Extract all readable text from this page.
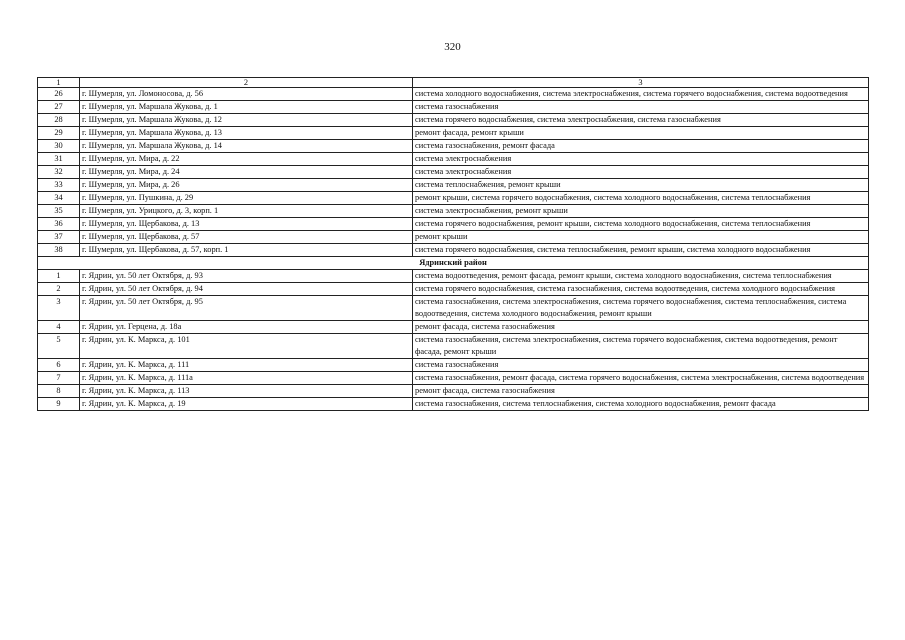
320
1	2	3
26	г. Шумерля, ул. Ломоносова, д. 56	система холодного водоснабжения, система электроснабжения, система горячего водоснабжения, система водоотведения
27	г. Шумерля, ул. Маршала Жукова, д. 1	система газоснабжения
28	г. Шумерля, ул. Маршала Жукова, д. 12	система горячего водоснабжения, система электроснабжения, система газоснабжения
29	г. Шумерля, ул. Маршала Жукова, д. 13	ремонт фасада, ремонт крыши
30	г. Шумерля, ул. Маршала Жукова, д. 14	система газоснабжения, ремонт фасада
31	г. Шумерля, ул. Мира, д. 22	система электроснабжения
32	г. Шумерля, ул. Мира, д. 24	система электроснабжения
33	г. Шумерля, ул. Мира, д. 26	система теплоснабжения, ремонт крыши
34	г. Шумерля, ул. Пушкина, д. 29	ремонт крыши, система горячего водоснабжения, система холодного водоснабжения, система теплоснабжения
35	г. Шумерля, ул. Урицкого, д. 3, корп. 1	система электроснабжения, ремонт крыши
36	г. Шумерля, ул. Щербакова, д. 13	система горячего водоснабжения, ремонт крыши, система холодного водоснабжения, система теплоснабжения
37	г. Шумерля, ул. Щербакова, д. 57	ремонт крыши
38	г. Шумерля, ул. Щербакова, д. 57, корп. 1	система горячего водоснабжения, система теплоснабжения, ремонт крыши, система холодного водоснабжения
Ядринский район		
1	г. Ядрин, ул. 50 лет Октября, д. 93	система водоотведения, ремонт фасада, ремонт крыши, система холодного водоснабжения, система теплоснабжения
2	г. Ядрин, ул. 50 лет Октября, д. 94	система горячего водоснабжения, система газоснабжения, система водоотведения, система холодного водоснабжения
3	г. Ядрин, ул. 50 лет Октября, д. 95	система газоснабжения, система электроснабжения, система горячего водоснабжения, система теплоснабжения, система водоотведения, система холодного водоснабжения, ремонт крыши
4	г. Ядрин, ул. Герцена, д. 18а	ремонт фасада, система газоснабжения
5	г. Ядрин, ул. К. Маркса, д. 101	система газоснабжения, система электроснабжения, система горячего водоснабжения, система водоотведения, ремонт фасада, ремонт крыши
6	г. Ядрин, ул. К. Маркса, д. 111	система газоснабжения
7	г. Ядрин, ул. К. Маркса, д. 111а	система газоснабжения, ремонт фасада, система горячего водоснабжения, система электроснабжения, система водоотведения
8	г. Ядрин, ул. К. Маркса, д. 113	ремонт фасада, система газоснабжения
9	г. Ядрин, ул. К. Маркса, д. 19	система газоснабжения, система теплоснабжения, система холодного водоснабжения, ремонт фасада
